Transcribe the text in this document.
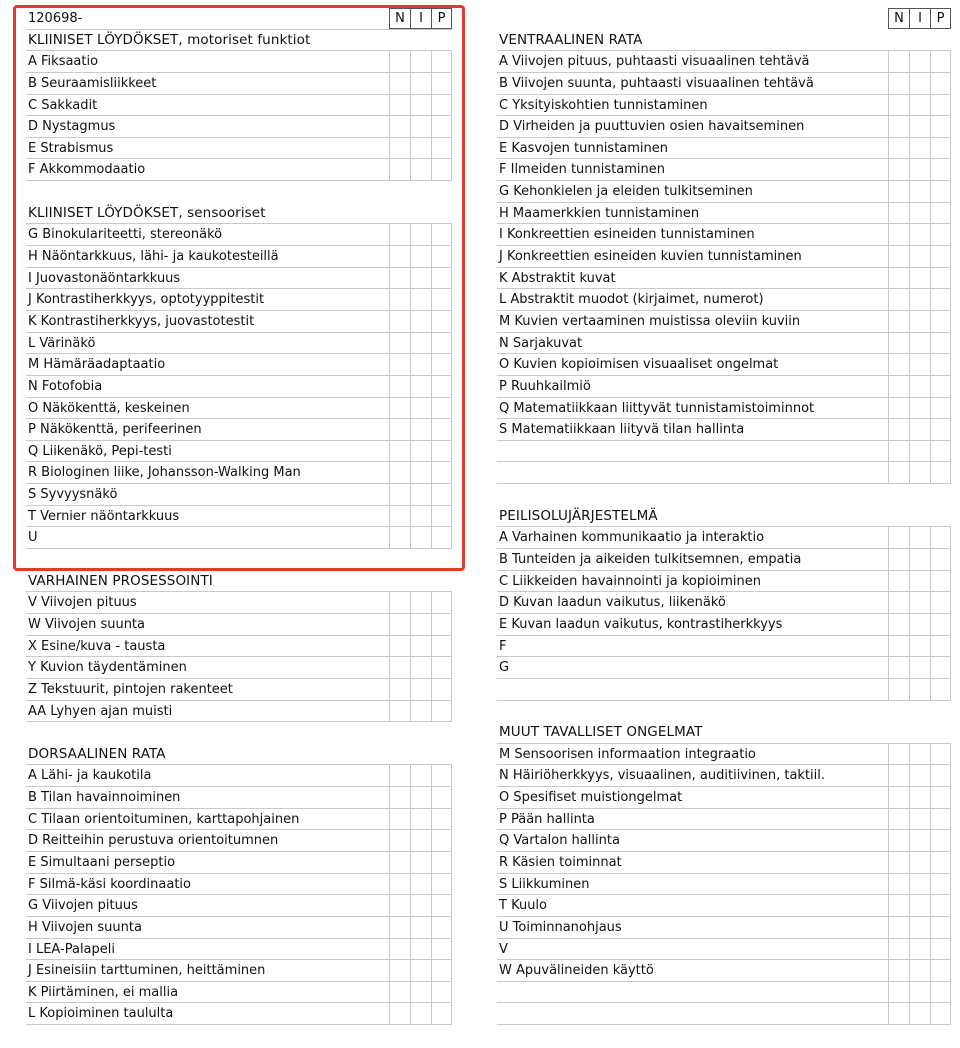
120698-	N	I	P
KLIINISET LÖYDÖKSET, motoriset funktiot
A Fiksaatio
B Seuraamisliikkeet
C Sakkadit
D Nystagmus
E Strabismus
F Akkommodaatio
KLIINISET LÖYDÖKSET, sensooriset
G Binokulariteetti, stereonäkö
H Näöntarkkuus, lähi- ja kaukotesteillä
I Juovastonäöntarkkuus
J Kontrastiherkkyys, optotyyppitestit
K Kontrastiherkkyys, juovastotestit
L Värinäkö
M Hämäräadaptaatio
N Fotofobia
O Näkökenttä, keskeinen
P Näkökenttä, perifeerinen
Q Liikenäkö, Pepi-testi
R Biologinen liike, Johansson-Walking Man
S Syvyysnäkö
T Vernier näöntarkkuus
U
VARHAINEN PROSESSOINTI
V Viivojen pituus
W Viivojen suunta
X Esine/kuva - tausta
Y Kuvion täydentäminen
Z Tekstuurit, pintojen rakenteet
AA Lyhyen ajan muisti
DORSAALINEN RATA
A Lähi- ja kaukotila
B Tilan havainnoiminen
C Tilaan orientoituminen, karttapohjainen
D Reitteihin perustuva orientoitumnen
E Simultaani perseptio
F Silmä-käsi koordinaatio
G Viivojen pituus
H Viivojen suunta
I LEA-Palapeli
J Esineisiin tarttuminen, heittäminen
K Piirtäminen, ei mallia
L Kopioiminen taululta
N	I	P
VENTRAALINEN RATA
A Viivojen pituus, puhtaasti visuaalinen tehtävä
B Viivojen suunta, puhtaasti visuaalinen tehtävä
C Yksityiskohtien tunnistaminen
D Virheiden ja puuttuvien osien havaitseminen
E Kasvojen tunnistaminen
F Ilmeiden tunnistaminen
G Kehonkielen ja eleiden tulkitseminen
H Maamerkkien tunnistaminen
I Konkreettien esineiden tunnistaminen
J Konkreettien esineiden kuvien tunnistaminen
K Abstraktit kuvat
L Abstraktit muodot (kirjaimet, numerot)
M Kuvien vertaaminen muistissa oleviin kuviin
N Sarjakuvat
O Kuvien kopioimisen visuaaliset ongelmat
P Ruuhkailmiö
Q Matematiikkaan liittyvät tunnistamistoiminnot
S Matematiikkaan liityvä tilan hallinta
PEILISOLUJÄRJESTELMÄ
A Varhainen kommunikaatio ja interaktio
B Tunteiden ja aikeiden tulkitsemnen, empatia
C Liikkeiden havainnointi ja kopioiminen
D Kuvan laadun vaikutus, liikenäkö
E Kuvan laadun vaikutus, kontrastiherkkyys
F
G
MUUT TAVALLISET ONGELMAT
M Sensoorisen informaation integraatio
N Häiriöherkkyys, visuaalinen, auditiivinen, taktiil.
O Spesifiset muistiongelmat
P Pään hallinta
Q Vartalon hallinta
R Käsien toiminnat
S Liikkuminen
T Kuulo
U Toiminnanohjaus
V
W Apuvälineiden käyttö
